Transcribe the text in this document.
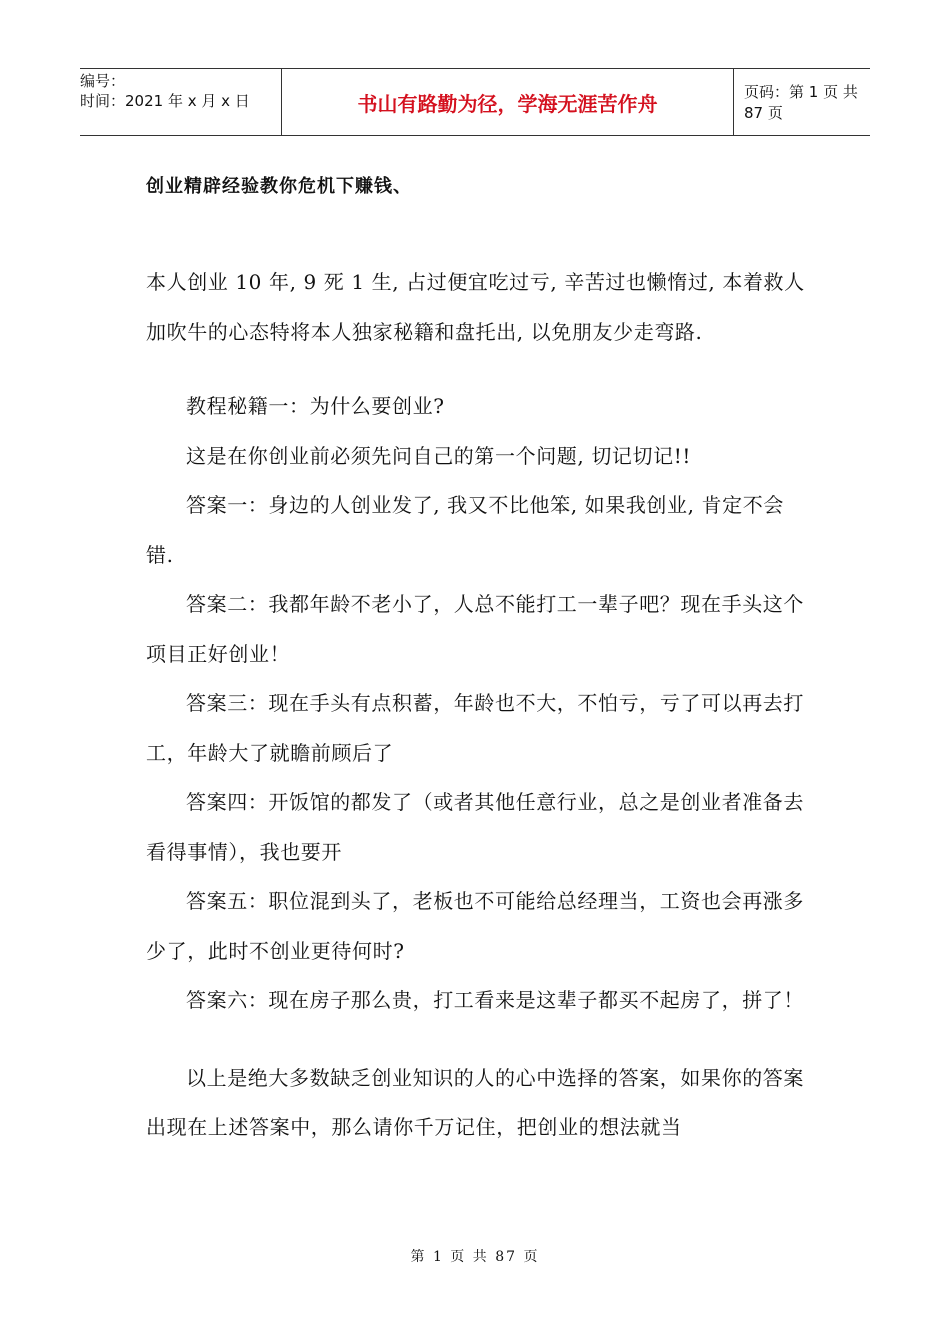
编号：
时间：2021 年 x 月 x 日	书山有路勤为径，学海无涯苦作舟	页码：第 1 页 共 87 页
创业精辟经验教你危机下赚钱、

本人创业 10 年, 9 死 1 生, 占过便宜吃过亏, 辛苦过也懒惰过, 本着救人加吹牛的心态特将本人独家秘籍和盘托出, 以免朋友少走弯路.

教程秘籍一：为什么要创业?

这是在你创业前必须先问自己的第一个问题, 切记切记!!

答案一：身边的人创业发了, 我又不比他笨, 如果我创业, 肯定不会错.

答案二：我都年龄不老小了，人总不能打工一辈子吧？现在手头这个项目正好创业！

答案三：现在手头有点积蓄，年龄也不大，不怕亏，亏了可以再去打工，年龄大了就瞻前顾后了

答案四：开饭馆的都发了（或者其他任意行业，总之是创业者准备去看得事情），我也要开

答案五：职位混到头了，老板也不可能给总经理当，工资也会再涨多少了，此时不创业更待何时?

答案六：现在房子那么贵，打工看来是这辈子都买不起房了，拼了！

以上是绝大多数缺乏创业知识的人的心中选择的答案，如果你的答案出现在上述答案中，那么请你千万记住，把创业的想法就当

第 1 页 共 87 页
